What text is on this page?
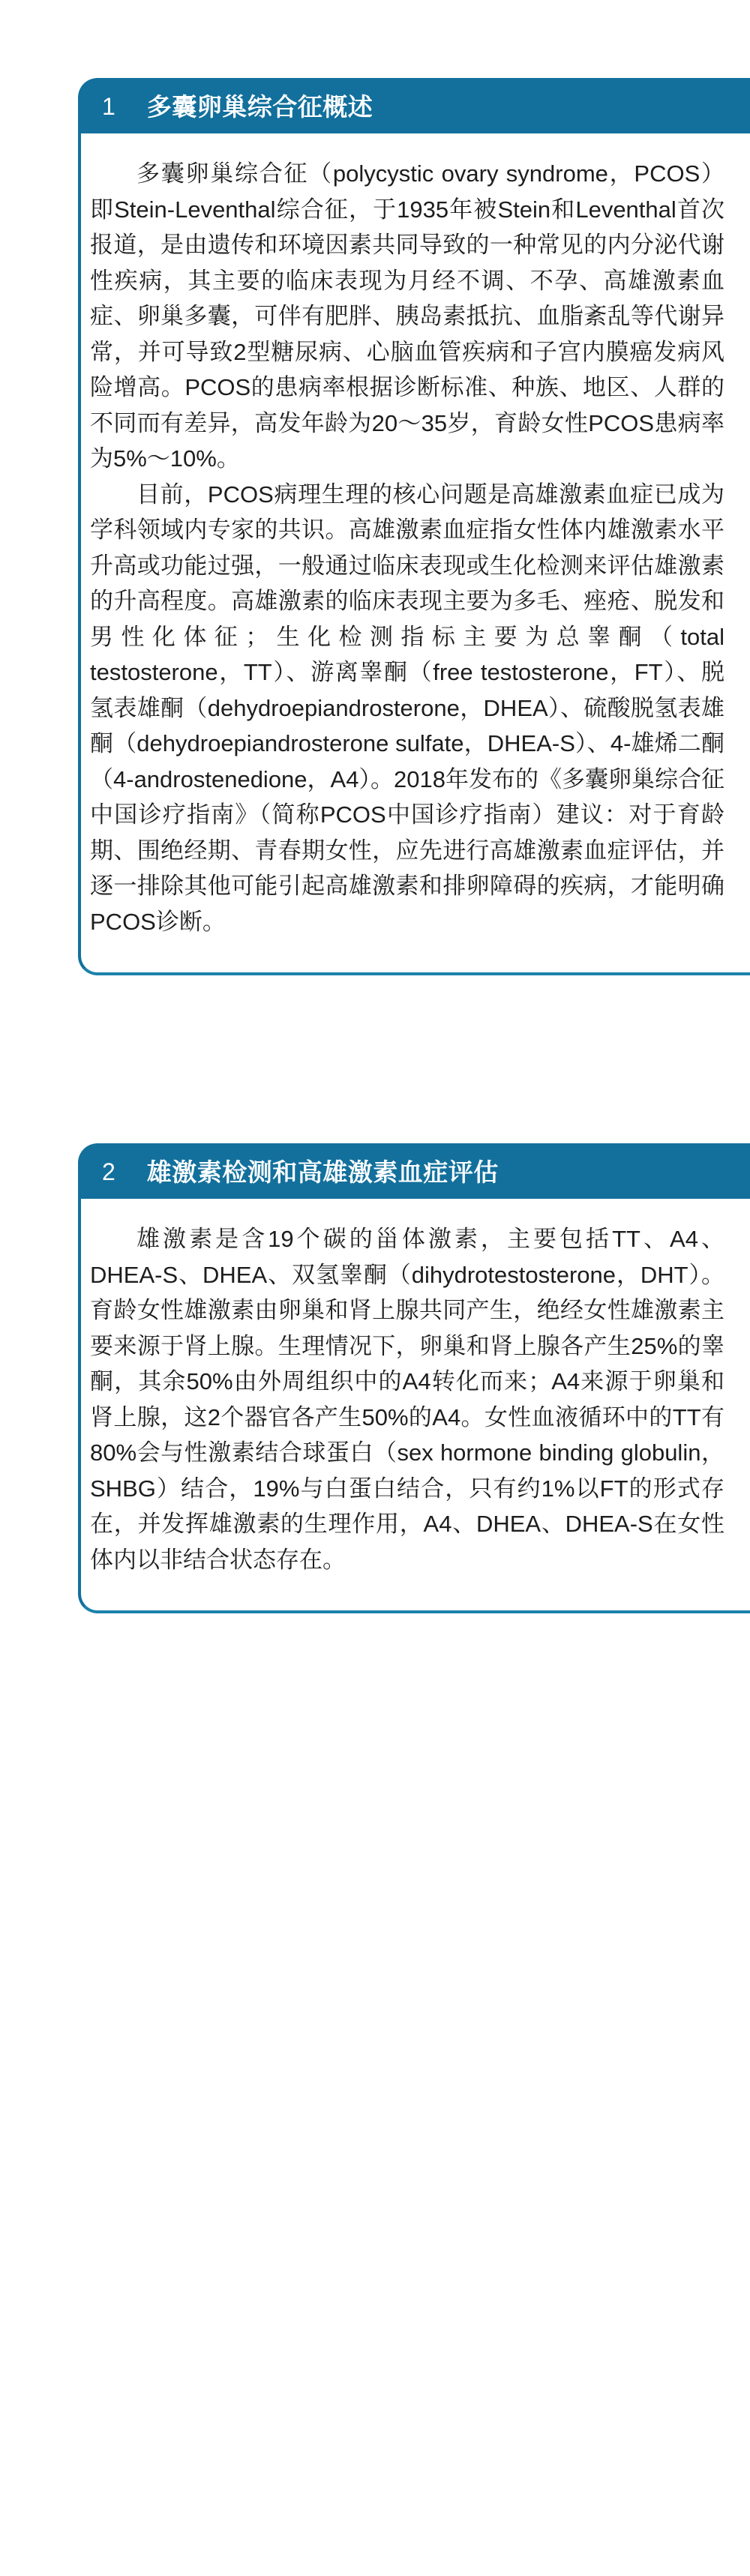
1 多囊卵巢综合征概述

多囊卵巢综合征（polycystic ovary syndrome，PCOS）即Stein-Leventhal综合征，于1935年被Stein和Leventhal首次报道，是由遗传和环境因素共同导致的一种常见的内分泌代谢性疾病，其主要的临床表现为月经不调、不孕、高雄激素血症、卵巢多囊，可伴有肥胖、胰岛素抵抗、血脂紊乱等代谢异常，并可导致2型糖尿病、心脑血管疾病和子宫内膜癌发病风险增高。PCOS的患病率根据诊断标准、种族、地区、人群的不同而有差异，高发年龄为20～35岁，育龄女性PCOS患病率为5%～10%。

目前，PCOS病理生理的核心问题是高雄激素血症已成为学科领域内专家的共识。高雄激素血症指女性体内雄激素水平升高或功能过强，一般通过临床表现或生化检测来评估雄激素的升高程度。高雄激素的临床表现主要为多毛、痤疮、脱发和男性化体征；生化检测指标主要为总睾酮（total testosterone，TT）、游离睾酮（free testosterone，FT）、脱氢表雄酮（dehydroepiandrosterone，DHEA）、硫酸脱氢表雄酮（dehydroepiandrosterone sulfate，DHEA-S）、4-雄烯二酮（4-androstenedione，A4）。2018年发布的《多囊卵巢综合征中国诊疗指南》（简称PCOS中国诊疗指南）建议：对于育龄期、围绝经期、青春期女性，应先进行高雄激素血症评估，并逐一排除其他可能引起高雄激素和排卵障碍的疾病，才能明确PCOS诊断。

2 雄激素检测和高雄激素血症评估

雄激素是含19个碳的甾体激素，主要包括TT、A4、DHEA-S、DHEA、双氢睾酮（dihydrotestosterone，DHT）。育龄女性雄激素由卵巢和肾上腺共同产生，绝经女性雄激素主要来源于肾上腺。生理情况下，卵巢和肾上腺各产生25%的睾酮，其余50%由外周组织中的A4转化而来；A4来源于卵巢和肾上腺，这2个器官各产生50%的A4。女性血液循环中的TT有80%会与性激素结合球蛋白（sex hormone binding globulin，SHBG）结合，19%与白蛋白结合，只有约1%以FT的形式存在，并发挥雄激素的生理作用，A4、DHEA、DHEA-S在女性体内以非结合状态存在。
